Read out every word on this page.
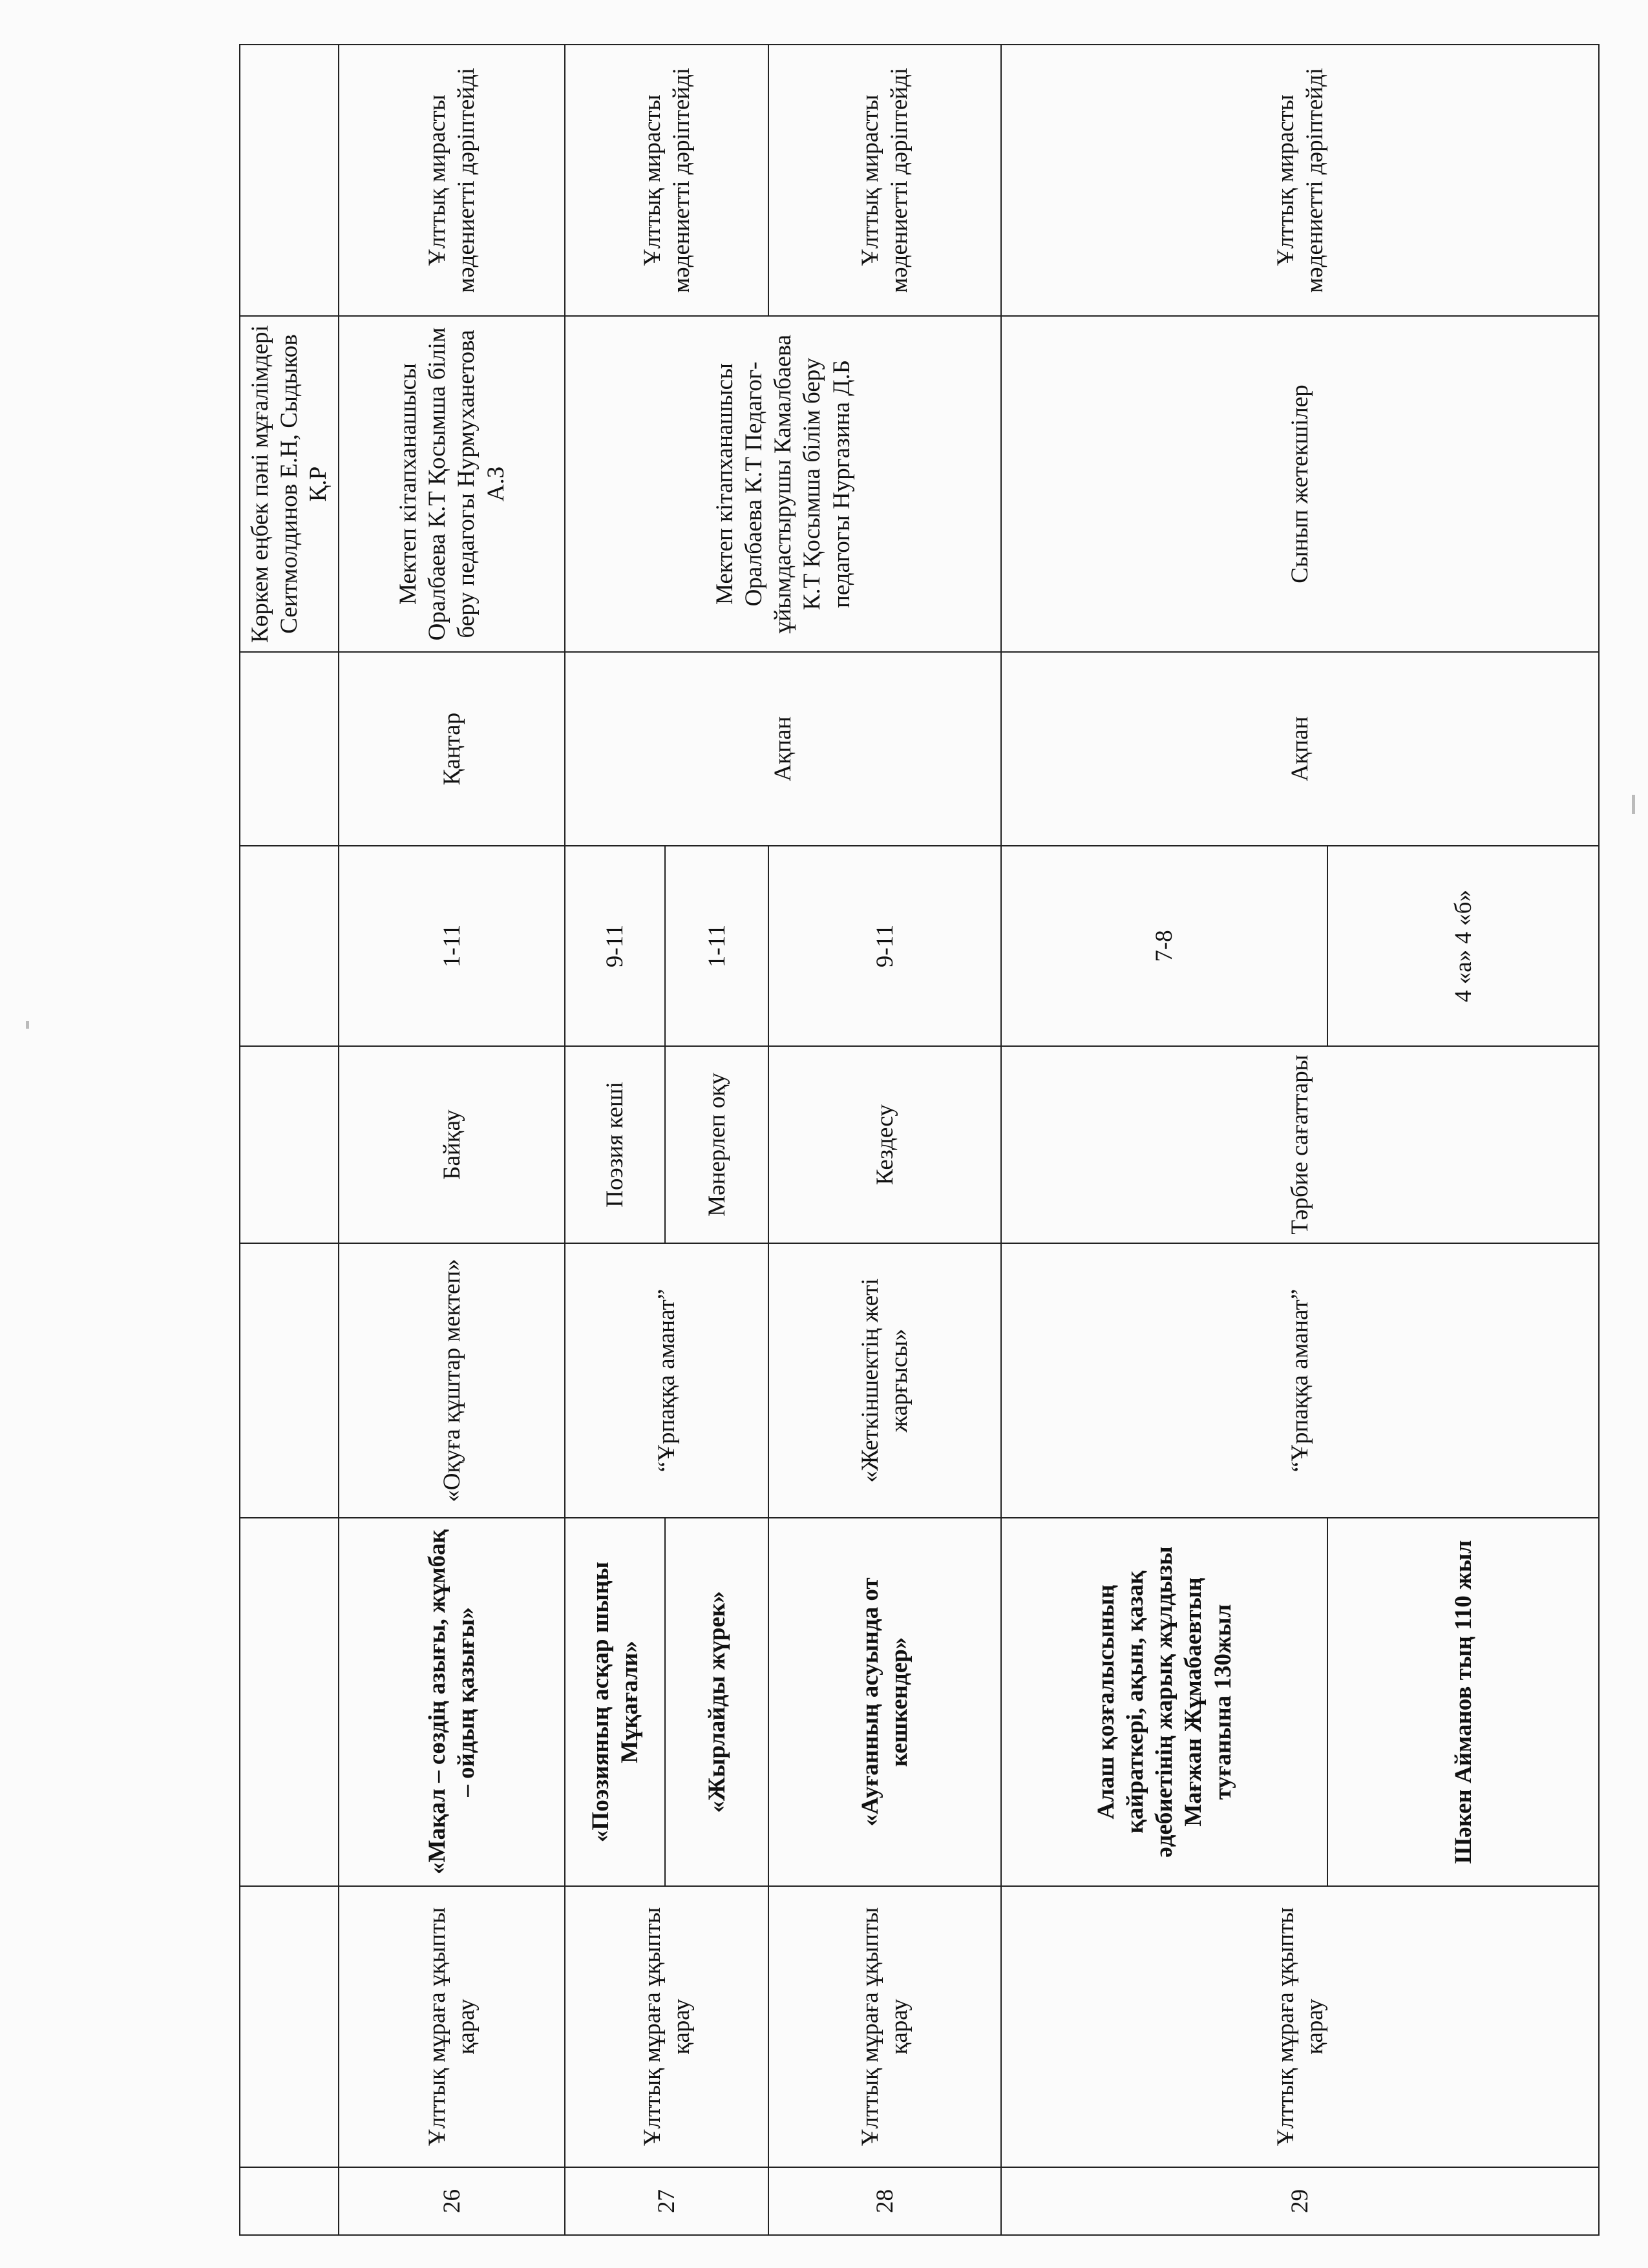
							Көркем еңбек пәні мұғалімдері Сеитмолдинов Е.Н, Сыдыков Қ.Р	
26	Ұлттық мұраға ұқыпты қарау	«Мақал – сөздің азығы, жұмбақ – ойдың қазығы»	«Оқуға құштар мектеп»	Байқау	1-11	Қаңтар	Мектеп кітапханашысы Оралбаева К.Т Қосымша білім беру педагогы Нурмуханетова А.З	Ұлттық мирасты мәдениетті дәріптейді
27	Ұлттық мұраға ұқыпты қарау	«Поэзияның асқар шыңы Мұқағали»	“Ұрпаққа аманат”	Поэзия кеші	9-11	Ақпан	Мектеп кітапханашысы Оралбаева К.Т Педагог-ұйымдастырушы Камалбаева К.Т Қосымша білім беру педагогы Нургазина Д.Б	Ұлттық мирасты мәдениетті дәріптейді
		«Жырлайды жүрек»		Мәнерлеп оқу	1-11			
28	Ұлттық мұраға ұқыпты қарау	«Ауғанның асуында от кешкендер»	«Жеткіншектің жеті жарғысы»	Кездесу	9-11			Ұлттық мирасты мәдениетті дәріптейді
29	Ұлттық мұраға ұқыпты қарау	Алаш қозғалысының қайраткері, ақын, қазақ әдебиетінің жарық жұлдызы Мағжан Жұмабаевтың туғанына 130жыл	“Ұрпаққа аманат”	Тәрбие сағаттары	7-8	Ақпан	Сынып жетекшілер	Ұлттық мирасты мәдениетті дәріптейді
		Шәкен Айманов тың 110 жыл			4 «а» 4 «б»			
